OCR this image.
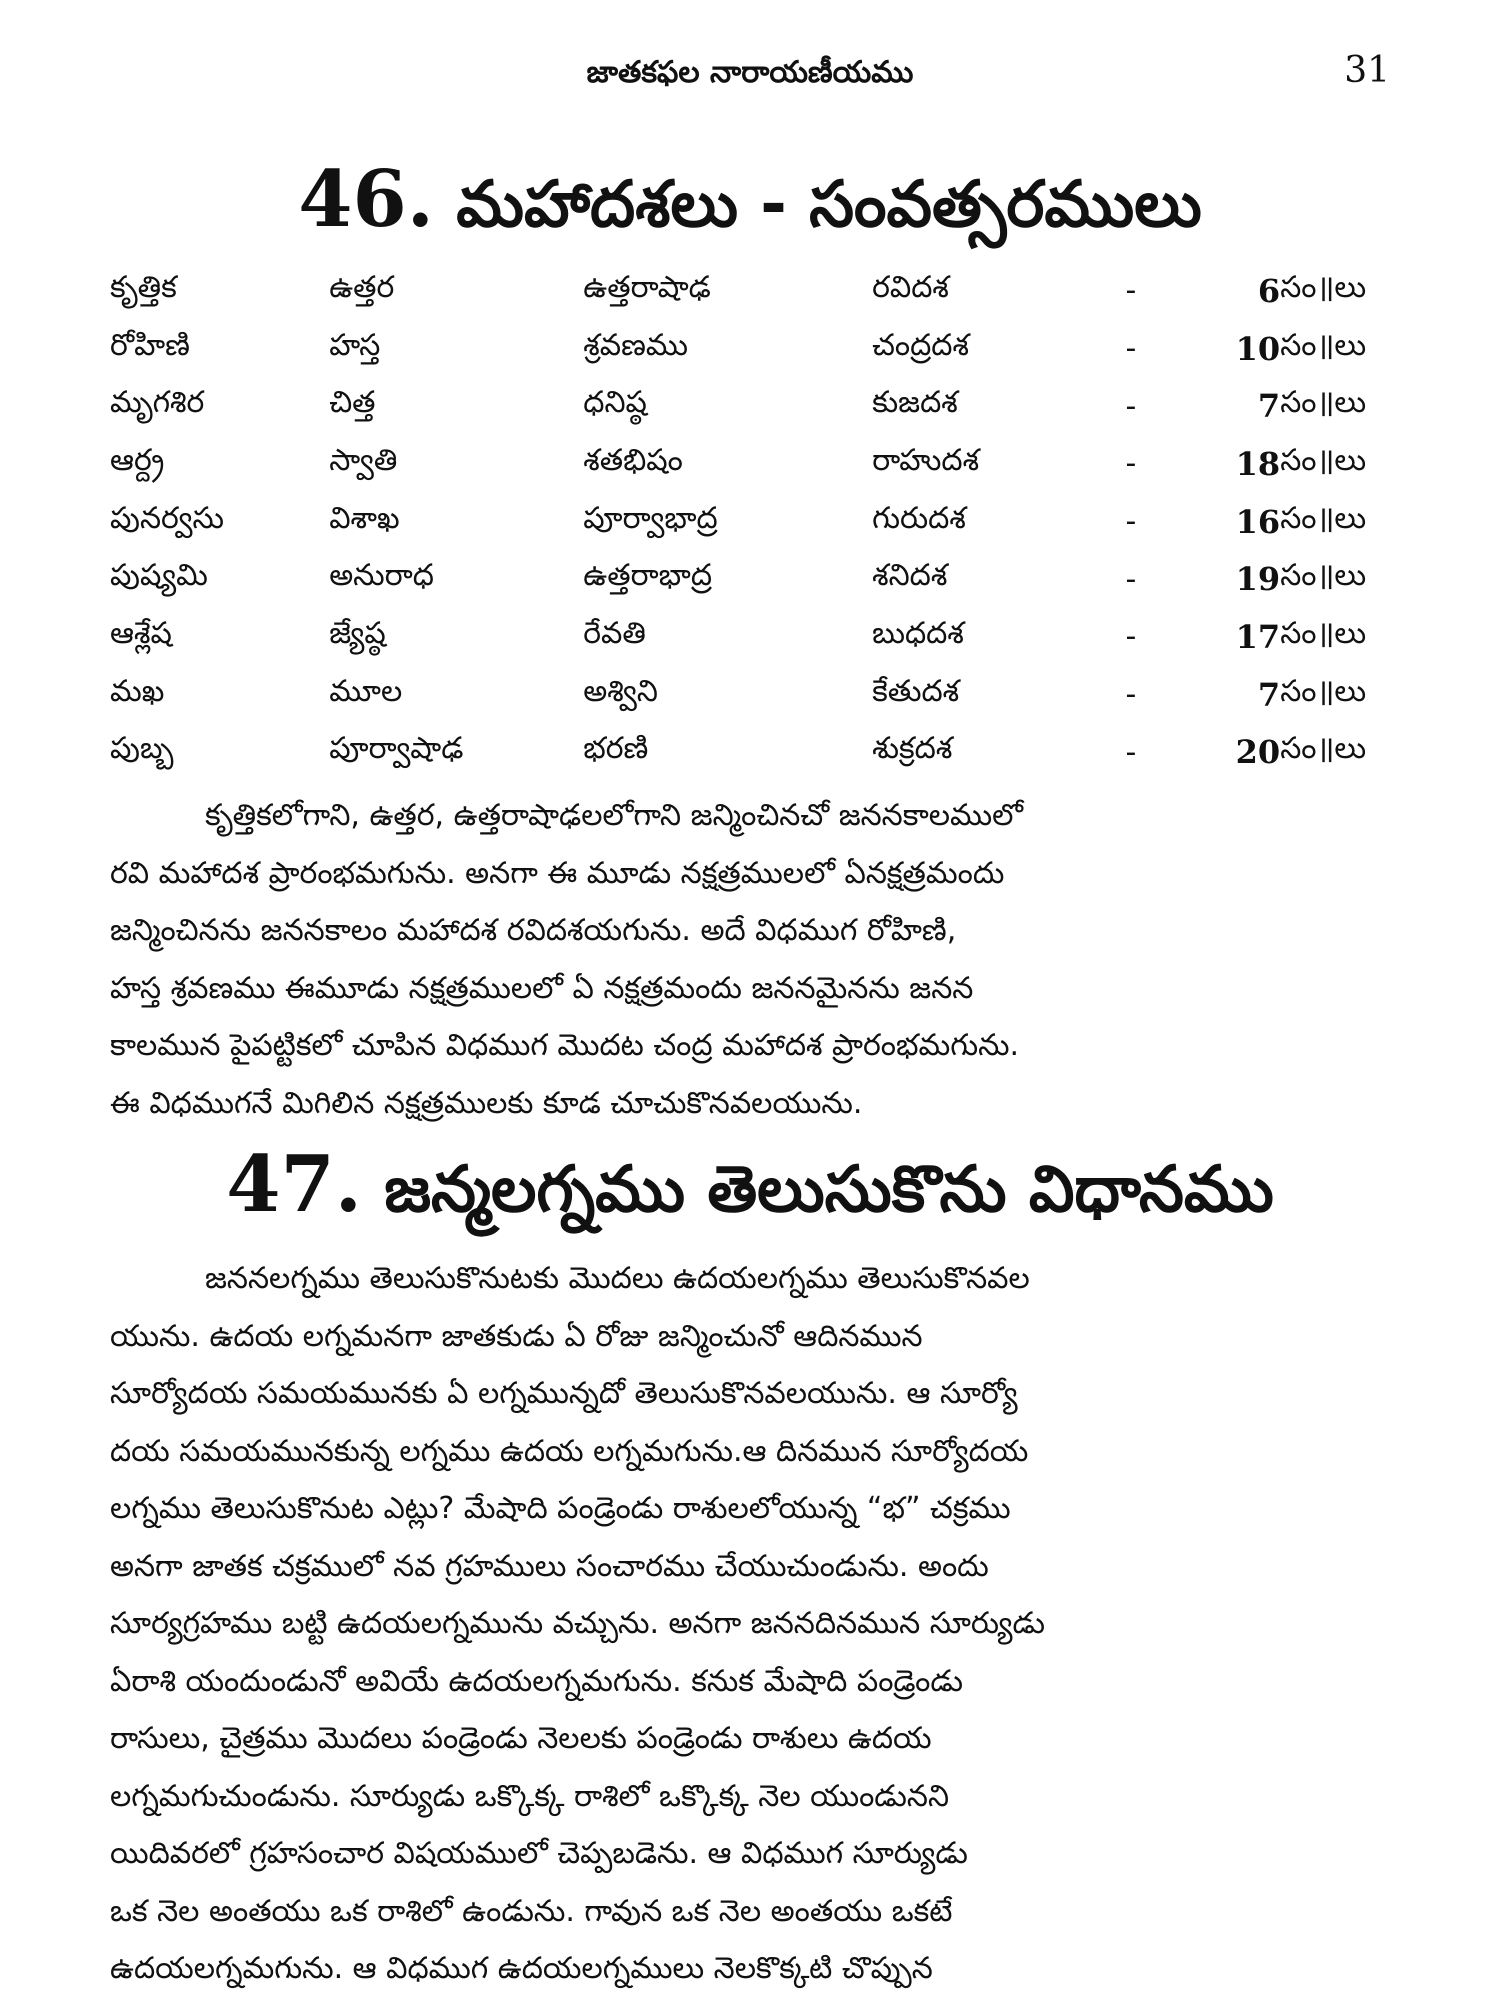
జాతకఫల నారాయణీయము	31
46. మహాదశలు - సంవత్సరములు
కృత్తిక	ఉత్తర	ఉత్తరాషాఢ	రవిదశ	-	6	సం॥లు
రోహిణి	హస్త	శ్రవణము	చంద్రదశ	-	10	సం॥లు
మృగశిర	చిత్త	ధనిష్ఠ	కుజదశ	-	7	సం॥లు
ఆర్ద్ర	స్వాతి	శతభిషం	రాహుదశ	-	18	సం॥లు
పునర్వసు	విశాఖ	పూర్వాభాద్ర	గురుదశ	-	16	సం॥లు
పుష్యమి	అనురాధ	ఉత్తరాభాద్ర	శనిదశ	-	19	సం॥లు
ఆశ్లేష	జ్యేష్ఠ	రేవతి	బుధదశ	-	17	సం॥లు
మఖ	మూల	అశ్విని	కేతుదశ	-	7	సం॥లు
పుబ్బ	పూర్వాషాఢ	భరణి	శుక్రదశ	-	20	సం॥లు
కృత్తికలోగాని, ఉత్తర, ఉత్తరాషాఢలలోగాని జన్మించినచో జననకాలములో
రవి మహాదశ ప్రారంభమగును. అనగా ఈ మూడు నక్షత్రములలో ఏనక్షత్రమందు
జన్మించినను జననకాలం మహాదశ రవిదశయగును. అదే విధముగ రోహిణి,
హస్త శ్రవణము ఈమూడు నక్షత్రములలో ఏ నక్షత్రమందు జననమైనను జనన
కాలమున పైపట్టికలో చూపిన విధముగ మొదట చంద్ర మహాదశ ప్రారంభమగును.
ఈ విధముగనే మిగిలిన నక్షత్రములకు కూడ చూచుకొనవలయును.
47. జన్మలగ్నము తెలుసుకొను విధానము
జననలగ్నము తెలుసుకొనుటకు మొదలు ఉదయలగ్నము తెలుసుకొనవల
యును. ఉదయ లగ్నమనగా జాతకుడు ఏ రోజు జన్మించునో ఆదినమున
సూర్యోదయ సమయమునకు ఏ లగ్నమున్నదో తెలుసుకొనవలయును. ఆ సూర్యో
దయ సమయమునకున్న లగ్నము ఉదయ లగ్నమగును.ఆ దినమున సూర్యోదయ
లగ్నము తెలుసుకొనుట ఎట్లు? మేషాది పండ్రెండు రాశులలోయున్న “భ” చక్రము
అనగా జాతక చక్రములో నవ గ్రహములు సంచారము చేయుచుండును. అందు
సూర్యగ్రహము బట్టి ఉదయలగ్నమును వచ్చును. అనగా జననదినమున సూర్యుడు
ఏరాశి యందుండునో అవియే ఉదయలగ్నమగును. కనుక మేషాది పండ్రెండు
రాసులు, చైత్రము మొదలు పండ్రెండు నెలలకు పండ్రెండు రాశులు ఉదయ
లగ్నమగుచుండును. సూర్యుడు ఒక్కొక్క రాశిలో ఒక్కొక్క నెల యుండునని
యిదివరలో గ్రహసంచార విషయములో చెప్పబడెను. ఆ విధముగ సూర్యుడు
ఒక నెల అంతయు ఒక రాశిలో ఉండును. గావున ఒక నెల అంతయు ఒకటే
ఉదయలగ్నమగును. ఆ విధముగ ఉదయలగ్నములు నెలకొక్కటి చొప్పున
